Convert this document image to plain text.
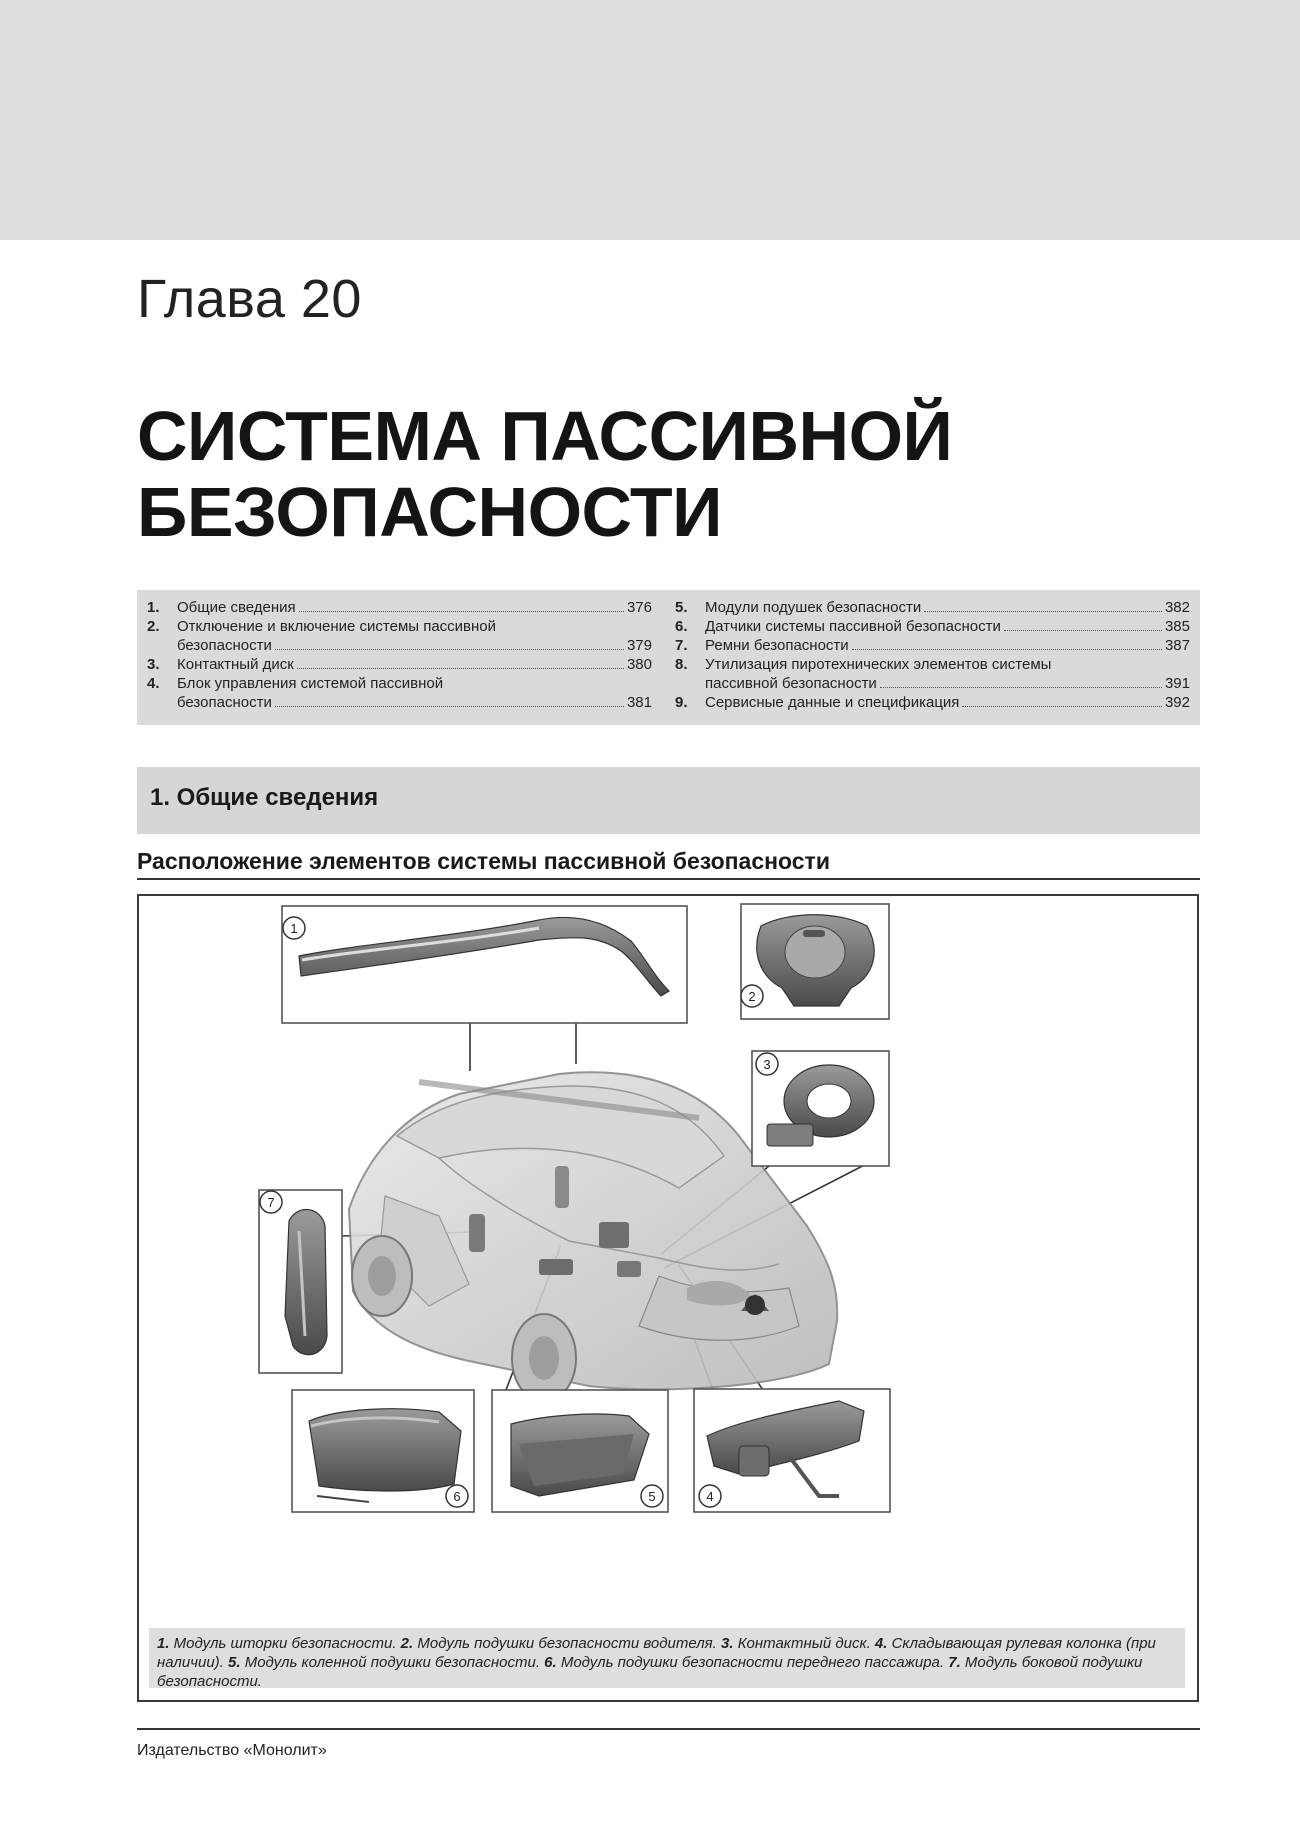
Глава 20
СИСТЕМА ПАССИВНОЙ
БЕЗОПАСНОСТИ
1.	Общие сведения	376
2.	Отключение и включение системы пассивной
безопасности	379
3.	Контактный диск	380
4.	Блок управления системой пассивной
безопасности	381
5.	Модули подушек безопасности	382
6.	Датчики системы пассивной безопасности	385
7.	Ремни безопасности	387
8.	Утилизация пиротехнических элементов системы
пассивной безопасности	391
9.	Сервисные данные и спецификация	392
1. Общие сведения
Расположение элементов системы пассивной безопасности
1
2
3
7
6	5	4
1. Модуль шторки безопасности. 2. Модуль подушки безопасности водителя. 3. Контактный диск. 4. Складывающая рулевая колонка (при наличии). 5. Модуль коленной подушки безопасности. 6. Модуль подушки безопасности переднего пассажира. 7. Модуль боковой подушки безопасности.
Издательство «Монолит»
